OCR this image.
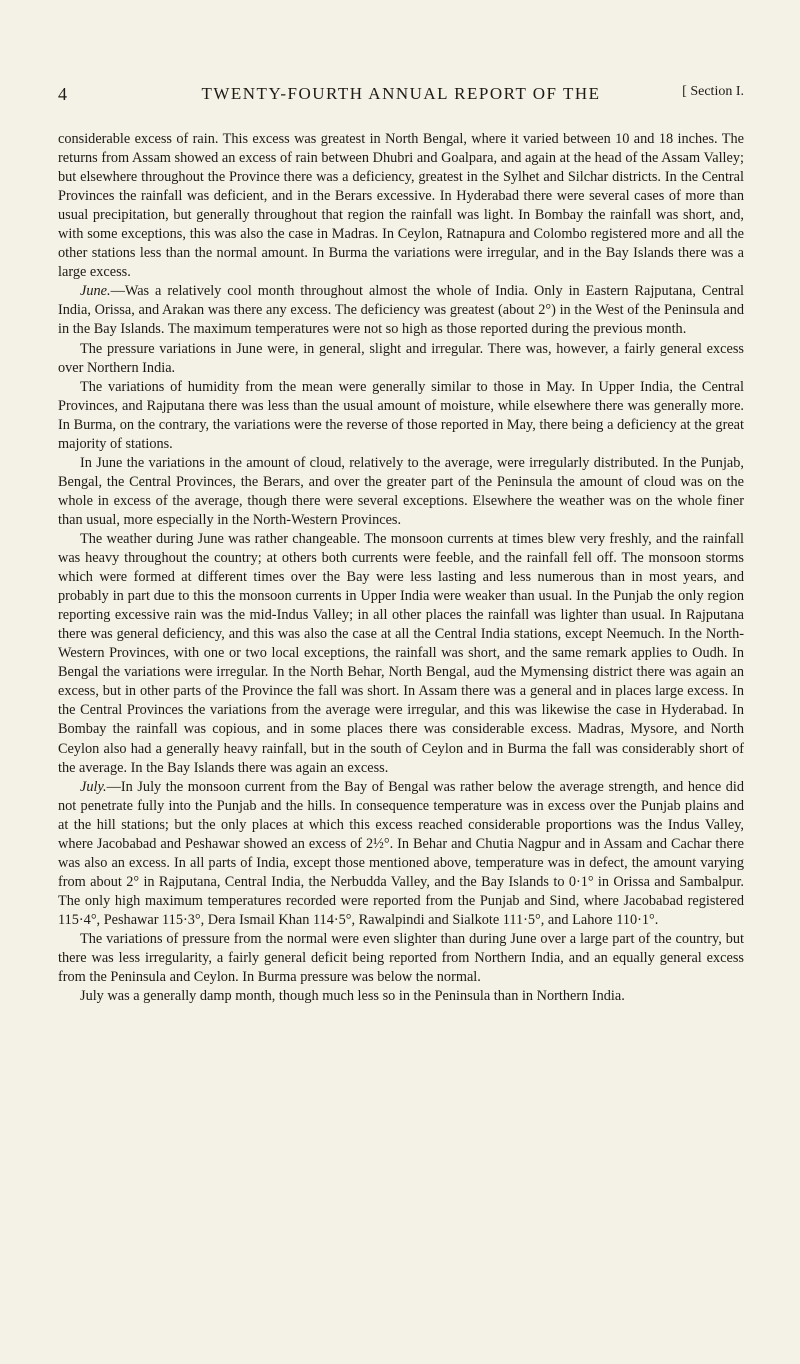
4	TWENTY-FOURTH ANNUAL REPORT OF THE	[ Section I.

considerable excess of rain. This excess was greatest in North Bengal, where it varied between 10 and 18 inches. The returns from Assam showed an excess of rain between Dhubri and Goalpara, and again at the head of the Assam Valley; but elsewhere throughout the Province there was a deficiency, greatest in the Sylhet and Silchar districts. In the Central Provinces the rainfall was deficient, and in the Berars excessive. In Hyderabad there were several cases of more than usual precipitation, but generally throughout that region the rainfall was light. In Bombay the rainfall was short, and, with some exceptions, this was also the case in Madras. In Ceylon, Ratnapura and Colombo registered more and all the other stations less than the normal amount. In Burma the variations were irregular, and in the Bay Islands there was a large excess.

June.—Was a relatively cool month throughout almost the whole of India. Only in Eastern Rajputana, Central India, Orissa, and Arakan was there any excess. The deficiency was greatest (about 2°) in the West of the Peninsula and in the Bay Islands. The maximum temperatures were not so high as those reported during the previous month.

The pressure variations in June were, in general, slight and irregular. There was, however, a fairly general excess over Northern India.

The variations of humidity from the mean were generally similar to those in May. In Upper India, the Central Provinces, and Rajputana there was less than the usual amount of moisture, while elsewhere there was generally more. In Burma, on the contrary, the variations were the reverse of those reported in May, there being a deficiency at the great majority of stations.

In June the variations in the amount of cloud, relatively to the average, were irregularly distributed. In the Punjab, Bengal, the Central Provinces, the Berars, and over the greater part of the Peninsula the amount of cloud was on the whole in excess of the average, though there were several exceptions. Elsewhere the weather was on the whole finer than usual, more especially in the North-Western Provinces.

The weather during June was rather changeable. The monsoon currents at times blew very freshly, and the rainfall was heavy throughout the country; at others both currents were feeble, and the rainfall fell off. The monsoon storms which were formed at different times over the Bay were less lasting and less numerous than in most years, and probably in part due to this the monsoon currents in Upper India were weaker than usual. In the Punjab the only region reporting excessive rain was the mid-Indus Valley; in all other places the rainfall was lighter than usual. In Rajputana there was general deficiency, and this was also the case at all the Central India stations, except Neemuch. In the North-Western Provinces, with one or two local exceptions, the rainfall was short, and the same remark applies to Oudh. In Bengal the variations were irregular. In the North Behar, North Bengal, aud the Mymensing district there was again an excess, but in other parts of the Province the fall was short. In Assam there was a general and in places large excess. In the Central Provinces the variations from the average were irregular, and this was likewise the case in Hyderabad. In Bombay the rainfall was copious, and in some places there was considerable excess. Madras, Mysore, and North Ceylon also had a generally heavy rainfall, but in the south of Ceylon and in Burma the fall was considerably short of the average. In the Bay Islands there was again an excess.

July.—In July the monsoon current from the Bay of Bengal was rather below the average strength, and hence did not penetrate fully into the Punjab and the hills. In consequence temperature was in excess over the Punjab plains and at the hill stations; but the only places at which this excess reached considerable proportions was the Indus Valley, where Jacobabad and Peshawar showed an excess of 2½°. In Behar and Chutia Nagpur and in Assam and Cachar there was also an excess. In all parts of India, except those mentioned above, temperature was in defect, the amount varying from about 2° in Rajputana, Central India, the Nerbudda Valley, and the Bay Islands to 0·1° in Orissa and Sambalpur. The only high maximum temperatures recorded were reported from the Punjab and Sind, where Jacobabad registered 115·4°, Peshawar 115·3°, Dera Ismail Khan 114·5°, Rawalpindi and Sialkote 111·5°, and Lahore 110·1°.

The variations of pressure from the normal were even slighter than during June over a large part of the country, but there was less irregularity, a fairly general deficit being reported from Northern India, and an equally general excess from the Peninsula and Ceylon. In Burma pressure was below the normal.

July was a generally damp month, though much less so in the Peninsula than in Northern India.
